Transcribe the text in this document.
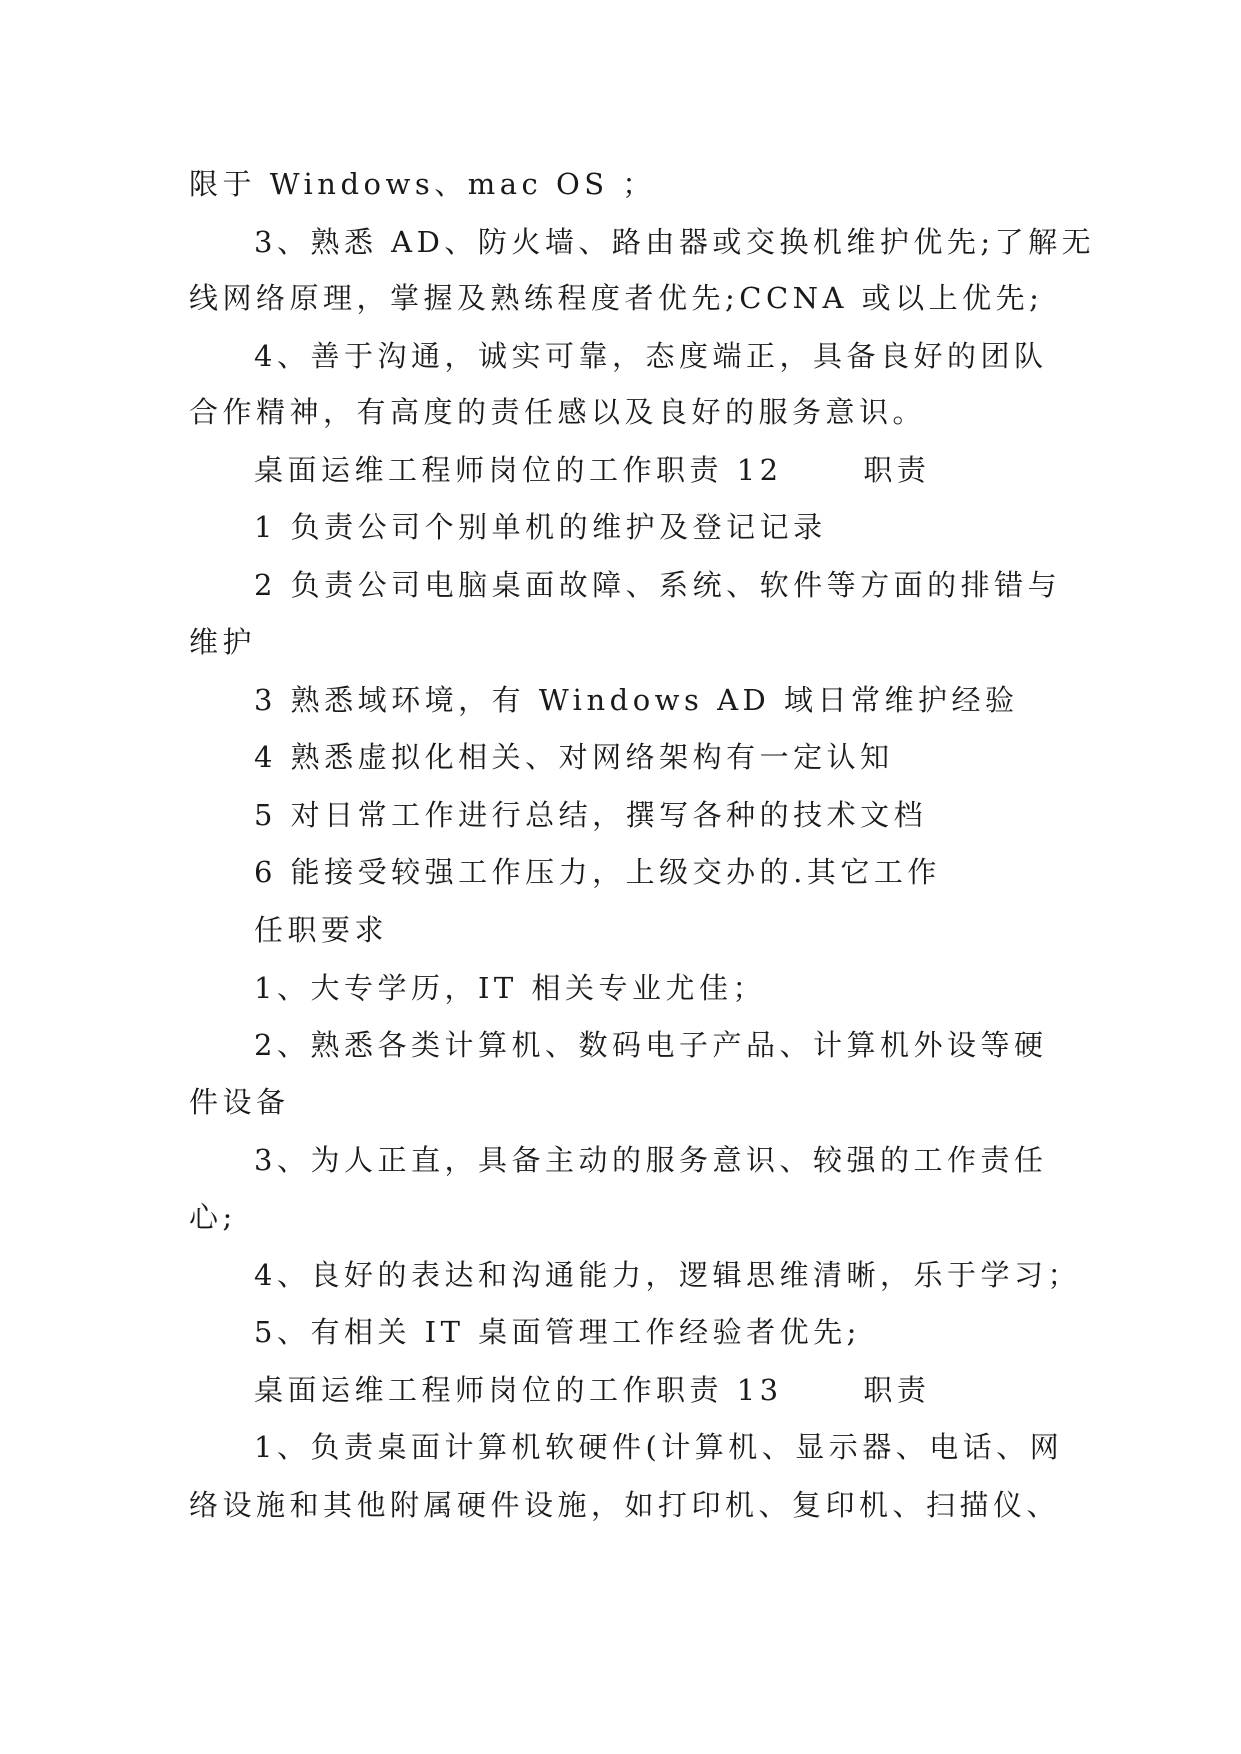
限于 Windows、mac OS ；
3、熟悉 AD、防火墙、路由器或交换机维护优先;了解无
线网络原理，掌握及熟练程度者优先;CCNA 或以上优先;
4、善于沟通，诚实可靠，态度端正，具备良好的团队
合作精神，有高度的责任感以及良好的服务意识。
桌面运维工程师岗位的工作职责 12　　 职责
1 负责公司个别单机的维护及登记记录
2 负责公司电脑桌面故障、系统、软件等方面的排错与
维护
3 熟悉域环境，有 Windows AD 域日常维护经验
4 熟悉虚拟化相关、对网络架构有一定认知
5 对日常工作进行总结，撰写各种的技术文档
6 能接受较强工作压力，上级交办的.其它工作
任职要求
1、大专学历，IT 相关专业尤佳；
2、熟悉各类计算机、数码电子产品、计算机外设等硬
件设备
3、为人正直，具备主动的服务意识、较强的工作责任
心;
4、良好的表达和沟通能力，逻辑思维清晰，乐于学习；
5、有相关 IT 桌面管理工作经验者优先;
桌面运维工程师岗位的工作职责 13　　 职责
1、负责桌面计算机软硬件(计算机、显示器、电话、网
络设施和其他附属硬件设施，如打印机、复印机、扫描仪、
